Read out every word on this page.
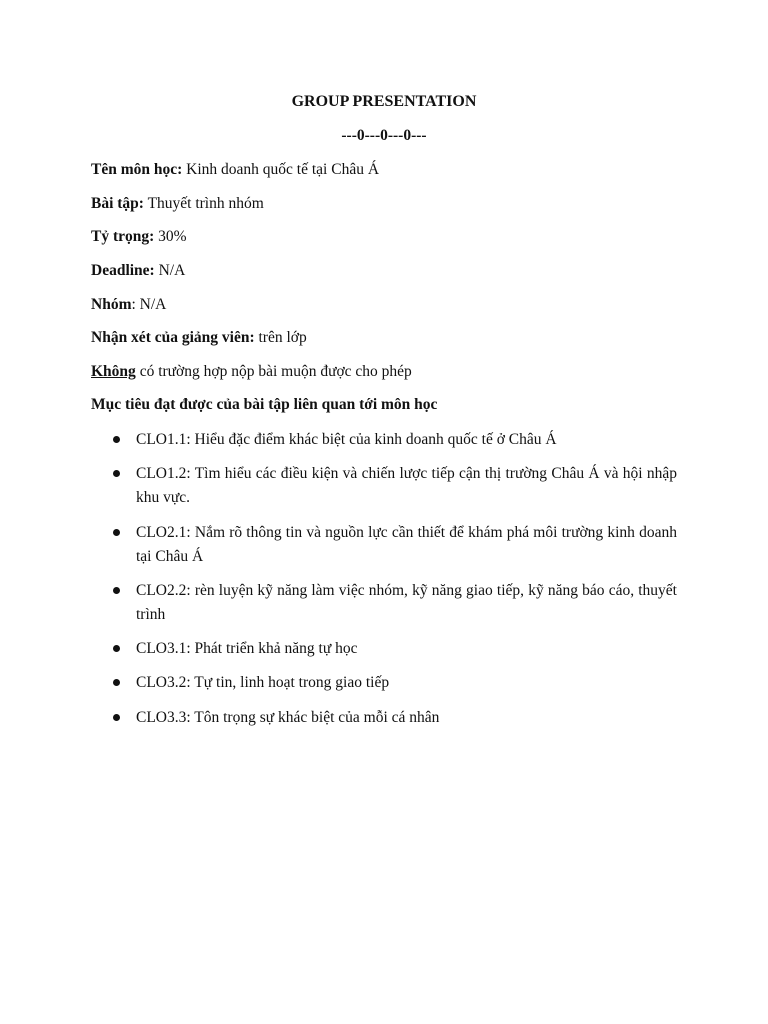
GROUP PRESENTATION
---0---0---0---
Tên môn học: Kinh doanh quốc tế tại Châu Á
Bài tập: Thuyết trình nhóm
Tỷ trọng: 30%
Deadline: N/A
Nhóm: N/A
Nhận xét của giảng viên: trên lớp
Không có trường hợp nộp bài muộn được cho phép
Mục tiêu đạt được của bài tập liên quan tới môn học
CLO1.1: Hiểu đặc điểm khác biệt của kinh doanh quốc tế ở Châu Á
CLO1.2: Tìm hiểu các điều kiện và chiến lược tiếp cận thị trường Châu Á và hội nhập khu vực.
CLO2.1: Nắm rõ thông tin và nguồn lực cần thiết để khám phá môi trường kinh doanh tại Châu Á
CLO2.2: rèn luyện kỹ năng làm việc nhóm, kỹ năng giao tiếp, kỹ năng báo cáo, thuyết trình
CLO3.1: Phát triển khả năng tự học
CLO3.2: Tự tin, linh hoạt trong giao tiếp
CLO3.3: Tôn trọng sự khác biệt của mỗi cá nhân
